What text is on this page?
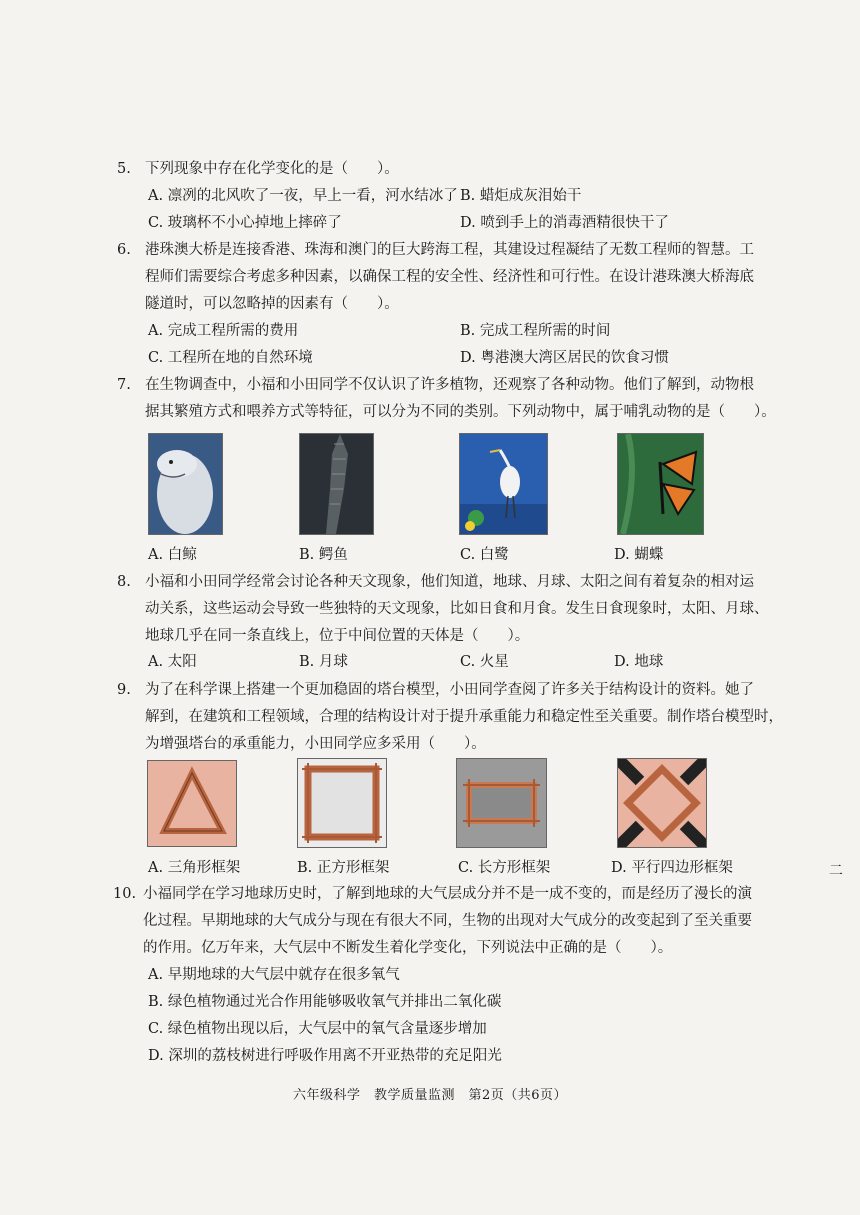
5. 下列现象中存在化学变化的是（　　）。
A. 凛冽的北风吹了一夜，早上一看，河水结冰了 B. 蜡炬成灰泪始干
C. 玻璃杯不小心掉地上摔碎了	D. 喷到手上的消毒酒精很快干了
6. 港珠澳大桥是连接香港、珠海和澳门的巨大跨海工程，其建设过程凝结了无数工程师的智慧。工
程师们需要综合考虑多种因素，以确保工程的安全性、经济性和可行性。在设计港珠澳大桥海底
隧道时，可以忽略掉的因素有（　　）。
A. 完成工程所需的费用	B. 完成工程所需的时间
C. 工程所在地的自然环境	D. 粤港澳大湾区居民的饮食习惯
7. 在生物调查中，小福和小田同学不仅认识了许多植物，还观察了各种动物。他们了解到，动物根
据其繁殖方式和喂养方式等特征，可以分为不同的类别。下列动物中，属于哺乳动物的是（　　）。
A. 白鲸	B. 鳄鱼	C. 白鹭	D. 蝴蝶
8. 小福和小田同学经常会讨论各种天文现象，他们知道，地球、月球、太阳之间有着复杂的相对运
动关系，这些运动会导致一些独特的天文现象，比如日食和月食。发生日食现象时，太阳、月球、
地球几乎在同一条直线上，位于中间位置的天体是（　　）。
A. 太阳	B. 月球	C. 火星	D. 地球
9. 为了在科学课上搭建一个更加稳固的塔台模型，小田同学查阅了许多关于结构设计的资料。她了
解到，在建筑和工程领域，合理的结构设计对于提升承重能力和稳定性至关重要。制作塔台模型时，
为增强塔台的承重能力，小田同学应多采用（　　）。
A. 三角形框架	B. 正方形框架	C. 长方形框架	D. 平行四边形框架
10. 小福同学在学习地球历史时，了解到地球的大气层成分并不是一成不变的，而是经历了漫长的演
化过程。早期地球的大气成分与现在有很大不同，生物的出现对大气成分的改变起到了至关重要
的作用。亿万年来，大气层中不断发生着化学变化，下列说法中正确的是（　　）。
A. 早期地球的大气层中就存在很多氧气
B. 绿色植物通过光合作用能够吸收氧气并排出二氧化碳
C. 绿色植物出现以后，大气层中的氧气含量逐步增加
D. 深圳的荔枝树进行呼吸作用离不开亚热带的充足阳光
六年级科学　教学质量监测　第2页（共6页）
二
